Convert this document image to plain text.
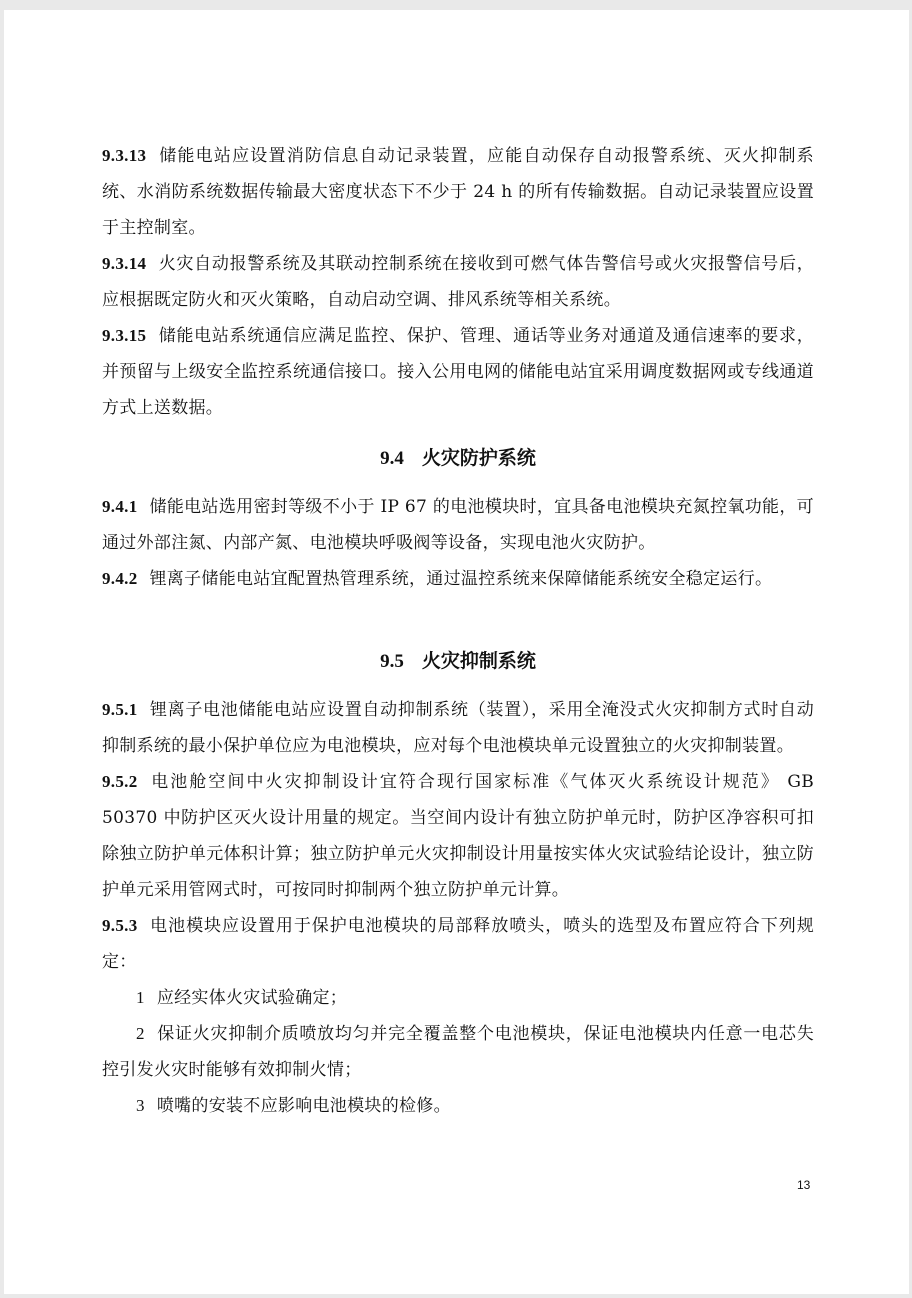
9.3.13 储能电站应设置消防信息自动记录装置，应能自动保存自动报警系统、灭火抑制系统、水消防系统数据传输最大密度状态下不少于 24 h 的所有传输数据。自动记录装置应设置于主控制室。

9.3.14 火灾自动报警系统及其联动控制系统在接收到可燃气体告警信号或火灾报警信号后，应根据既定防火和灭火策略，自动启动空调、排风系统等相关系统。

9.3.15 储能电站系统通信应满足监控、保护、管理、通话等业务对通道及通信速率的要求，并预留与上级安全监控系统通信接口。接入公用电网的储能电站宜采用调度数据网或专线通道方式上送数据。

9.4 火灾防护系统

9.4.1 储能电站选用密封等级不小于 IP 67 的电池模块时，宜具备电池模块充氮控氧功能，可通过外部注氮、内部产氮、电池模块呼吸阀等设备，实现电池火灾防护。

9.4.2 锂离子储能电站宜配置热管理系统，通过温控系统来保障储能系统安全稳定运行。

9.5 火灾抑制系统

9.5.1 锂离子电池储能电站应设置自动抑制系统（装置），采用全淹没式火灾抑制方式时自动抑制系统的最小保护单位应为电池模块，应对每个电池模块单元设置独立的火灾抑制装置。

9.5.2 电池舱空间中火灾抑制设计宜符合现行国家标准《气体灭火系统设计规范》 GB 50370 中防护区灭火设计用量的规定。当空间内设计有独立防护单元时，防护区净容积可扣除独立防护单元体积计算；独立防护单元火灾抑制设计用量按实体火灾试验结论设计，独立防护单元采用管网式时，可按同时抑制两个独立防护单元计算。

9.5.3 电池模块应设置用于保护电池模块的局部释放喷头，喷头的选型及布置应符合下列规定：

1 应经实体火灾试验确定；

2 保证火灾抑制介质喷放均匀并完全覆盖整个电池模块，保证电池模块内任意一电芯失控引发火灾时能够有效抑制火情；

3 喷嘴的安装不应影响电池模块的检修。

13
